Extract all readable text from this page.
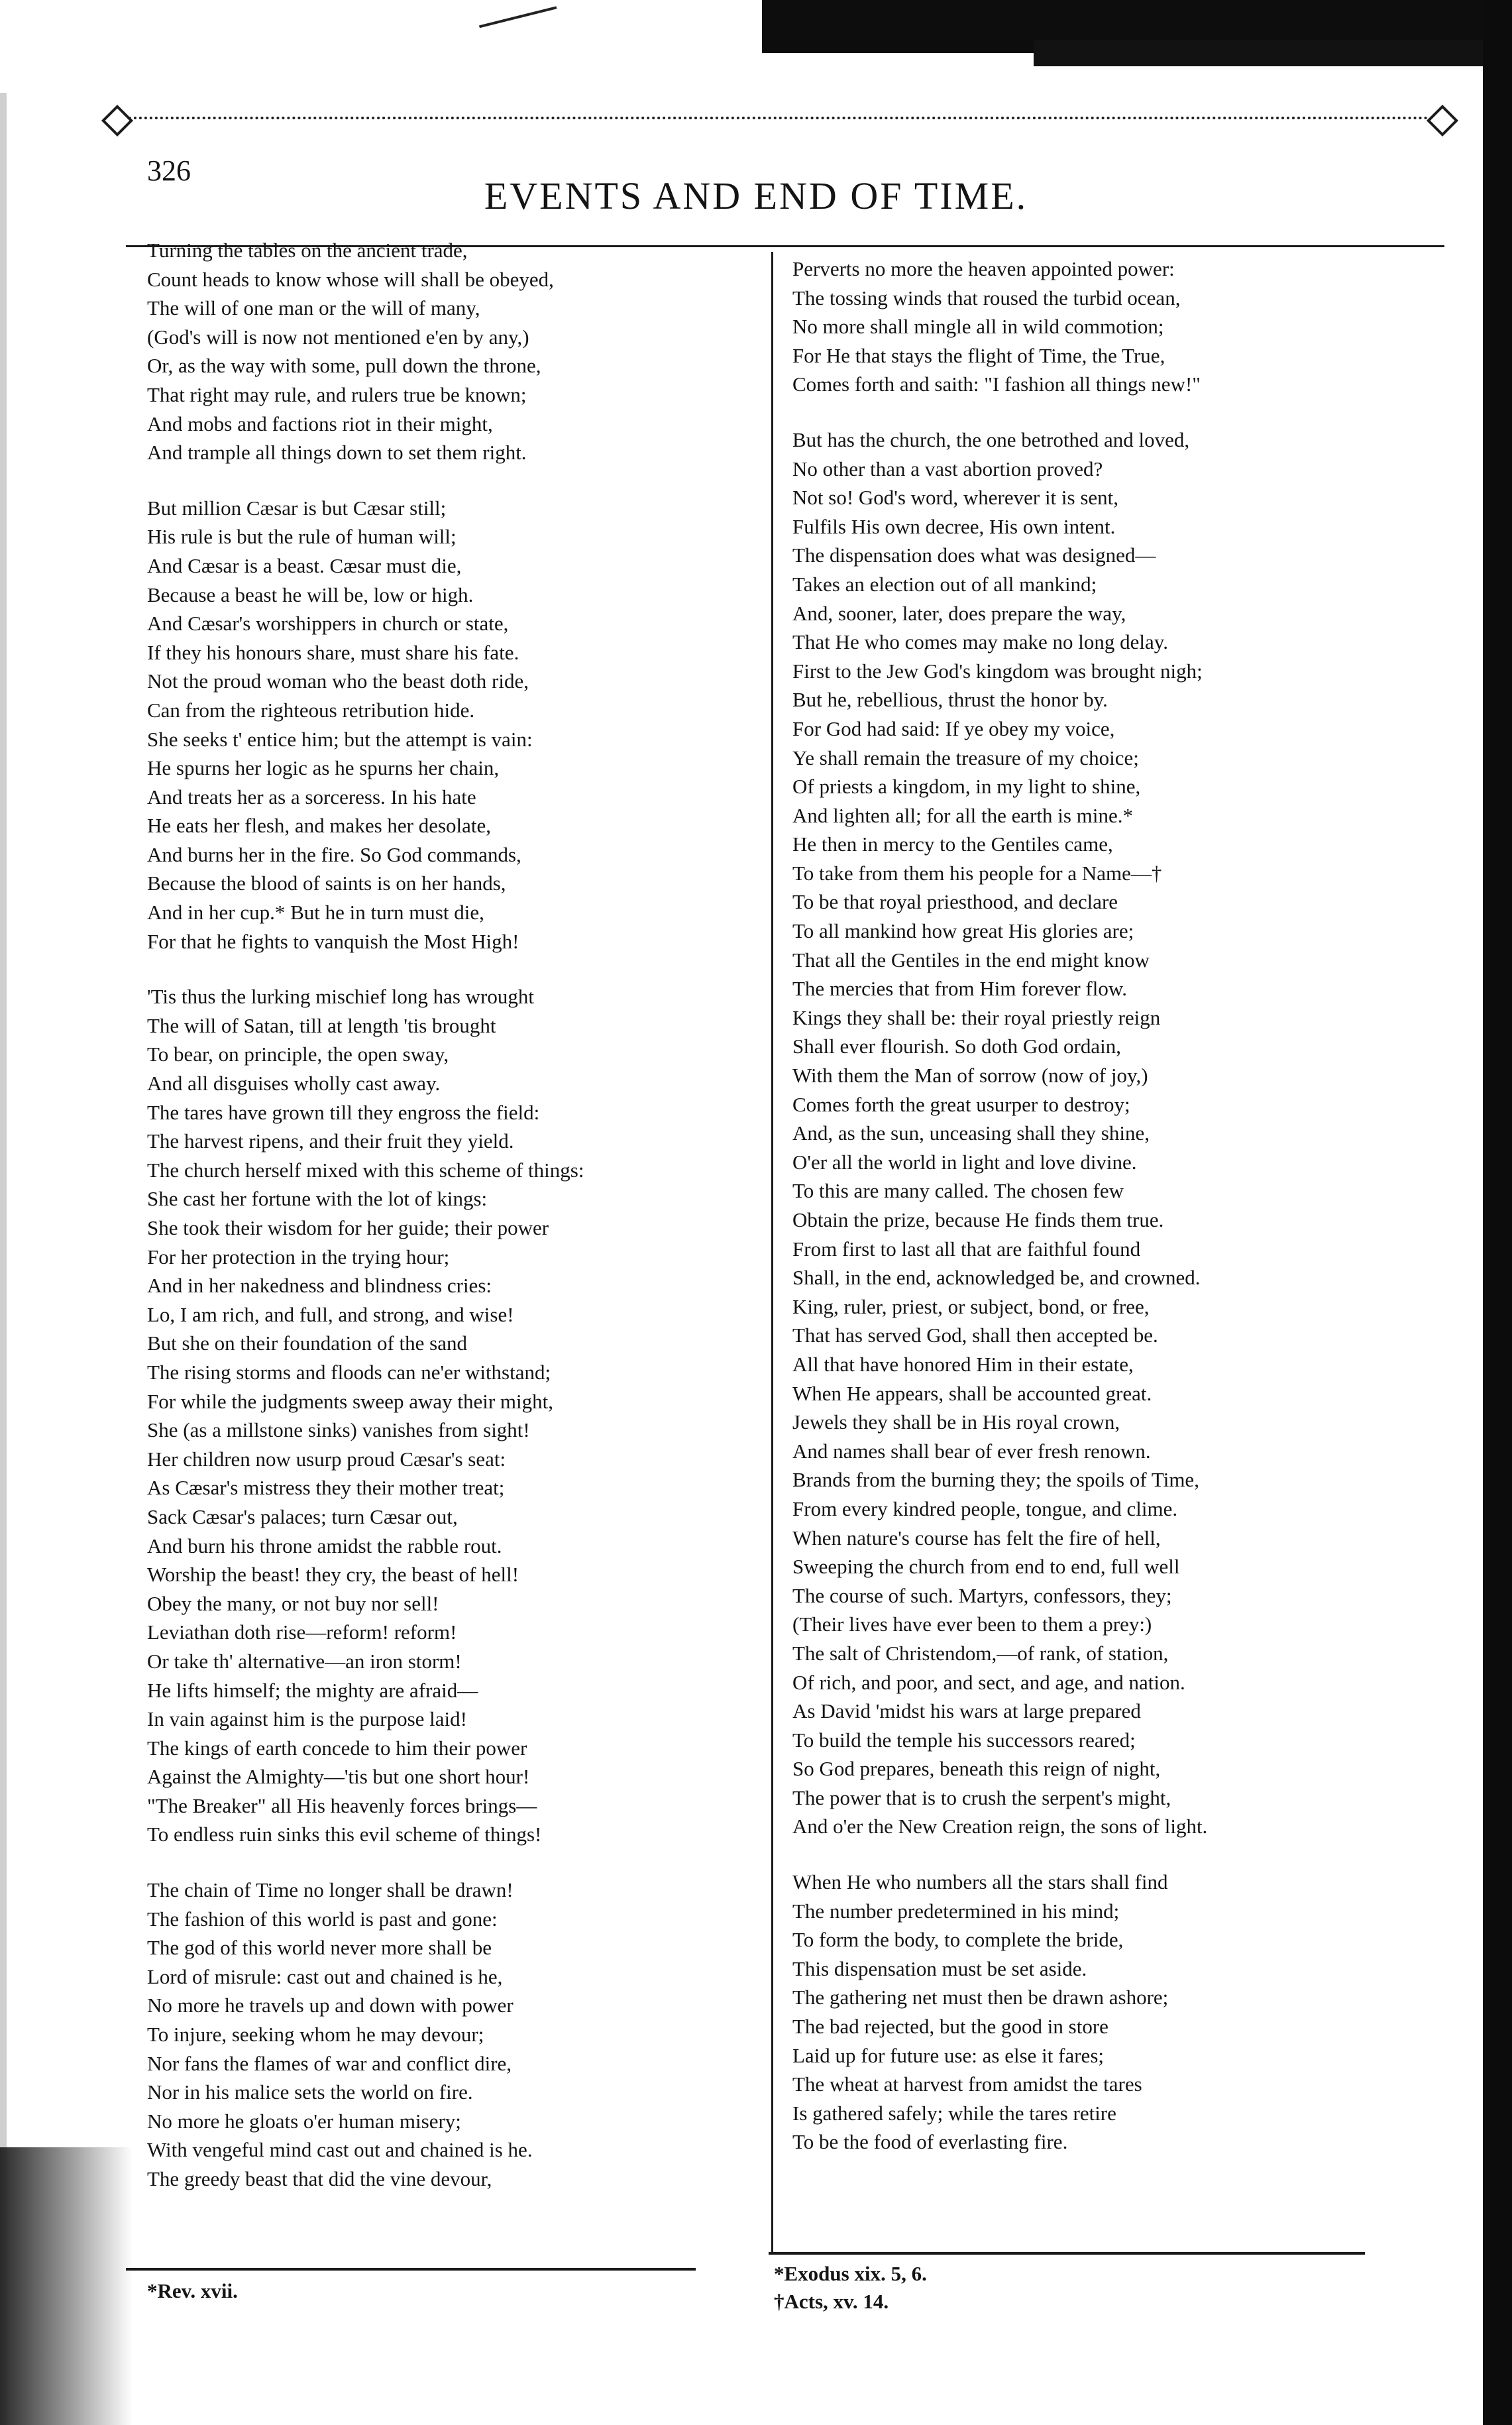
326
EVENTS AND END OF TIME.
Turning the tables on the ancient trade,
Count heads to know whose will shall be obeyed,
The will of one man or the will of many,
(God's will is now not mentioned e'en by any,)
Or, as the way with some, pull down the throne,
That right may rule, and rulers true be known;
And mobs and factions riot in their might,
And trample all things down to set them right.
But million Cæsar is but Cæsar still;
His rule is but the rule of human will;
And Cæsar is a beast. Cæsar must die,
Because a beast he will be, low or high.
And Cæsar's worshippers in church or state,
If they his honours share, must share his fate.
Not the proud woman who the beast doth ride,
Can from the righteous retribution hide.
She seeks t' entice him; but the attempt is vain:
He spurns her logic as he spurns her chain,
And treats her as a sorceress. In his hate
He eats her flesh, and makes her desolate,
And burns her in the fire. So God commands,
Because the blood of saints is on her hands,
And in her cup.* But he in turn must die,
For that he fights to vanquish the Most High!
'Tis thus the lurking mischief long has wrought
The will of Satan, till at length 'tis brought
To bear, on principle, the open sway,
And all disguises wholly cast away.
The tares have grown till they engross the field:
The harvest ripens, and their fruit they yield.
The church herself mixed with this scheme of things:
She cast her fortune with the lot of kings:
She took their wisdom for her guide; their power
For her protection in the trying hour;
And in her nakedness and blindness cries:
Lo, I am rich, and full, and strong, and wise!
But she on their foundation of the sand
The rising storms and floods can ne'er withstand;
For while the judgments sweep away their might,
She (as a millstone sinks) vanishes from sight!
Her children now usurp proud Cæsar's seat:
As Cæsar's mistress they their mother treat;
Sack Cæsar's palaces; turn Cæsar out,
And burn his throne amidst the rabble rout.
Worship the beast! they cry, the beast of hell!
Obey the many, or not buy nor sell!
Leviathan doth rise—reform! reform!
Or take th' alternative—an iron storm!
He lifts himself; the mighty are afraid—
In vain against him is the purpose laid!
The kings of earth concede to him their power
Against the Almighty—'tis but one short hour!
"The Breaker" all His heavenly forces brings—
To endless ruin sinks this evil scheme of things!
The chain of Time no longer shall be drawn!
The fashion of this world is past and gone:
The god of this world never more shall be
Lord of misrule: cast out and chained is he,
No more he travels up and down with power
To injure, seeking whom he may devour;
Nor fans the flames of war and conflict dire,
Nor in his malice sets the world on fire.
No more he gloats o'er human misery;
With vengeful mind cast out and chained is he.
The greedy beast that did the vine devour,
Perverts no more the heaven appointed power:
The tossing winds that roused the turbid ocean,
No more shall mingle all in wild commotion;
For He that stays the flight of Time, the True,
Comes forth and saith: "I fashion all things new!"
But has the church, the one betrothed and loved,
No other than a vast abortion proved?
Not so! God's word, wherever it is sent,
Fulfils His own decree, His own intent.
The dispensation does what was designed—
Takes an election out of all mankind;
And, sooner, later, does prepare the way,
That He who comes may make no long delay.
First to the Jew God's kingdom was brought nigh;
But he, rebellious, thrust the honor by.
For God had said: If ye obey my voice,
Ye shall remain the treasure of my choice;
Of priests a kingdom, in my light to shine,
And lighten all; for all the earth is mine.*
He then in mercy to the Gentiles came,
To take from them his people for a Name—†
To be that royal priesthood, and declare
To all mankind how great His glories are;
That all the Gentiles in the end might know
The mercies that from Him forever flow.
Kings they shall be: their royal priestly reign
Shall ever flourish. So doth God ordain,
With them the Man of sorrow (now of joy,)
Comes forth the great usurper to destroy;
And, as the sun, unceasing shall they shine,
O'er all the world in light and love divine.
To this are many called. The chosen few
Obtain the prize, because He finds them true.
From first to last all that are faithful found
Shall, in the end, acknowledged be, and crowned.
King, ruler, priest, or subject, bond, or free,
That has served God, shall then accepted be.
All that have honored Him in their estate,
When He appears, shall be accounted great.
Jewels they shall be in His royal crown,
And names shall bear of ever fresh renown.
Brands from the burning they; the spoils of Time,
From every kindred people, tongue, and clime.
When nature's course has felt the fire of hell,
Sweeping the church from end to end, full well
The course of such. Martyrs, confessors, they;
(Their lives have ever been to them a prey:)
The salt of Christendom,—of rank, of station,
Of rich, and poor, and sect, and age, and nation.
As David 'midst his wars at large prepared
To build the temple his successors reared;
So God prepares, beneath this reign of night,
The power that is to crush the serpent's might,
And o'er the New Creation reign, the sons of light.
When He who numbers all the stars shall find
The number predetermined in his mind;
To form the body, to complete the bride,
This dispensation must be set aside.
The gathering net must then be drawn ashore;
The bad rejected, but the good in store
Laid up for future use: as else it fares;
The wheat at harvest from amidst the tares
Is gathered safely; while the tares retire
To be the food of everlasting fire.
*Rev. xvii.
*Exodus xix. 5, 6.
†Acts, xv. 14.
